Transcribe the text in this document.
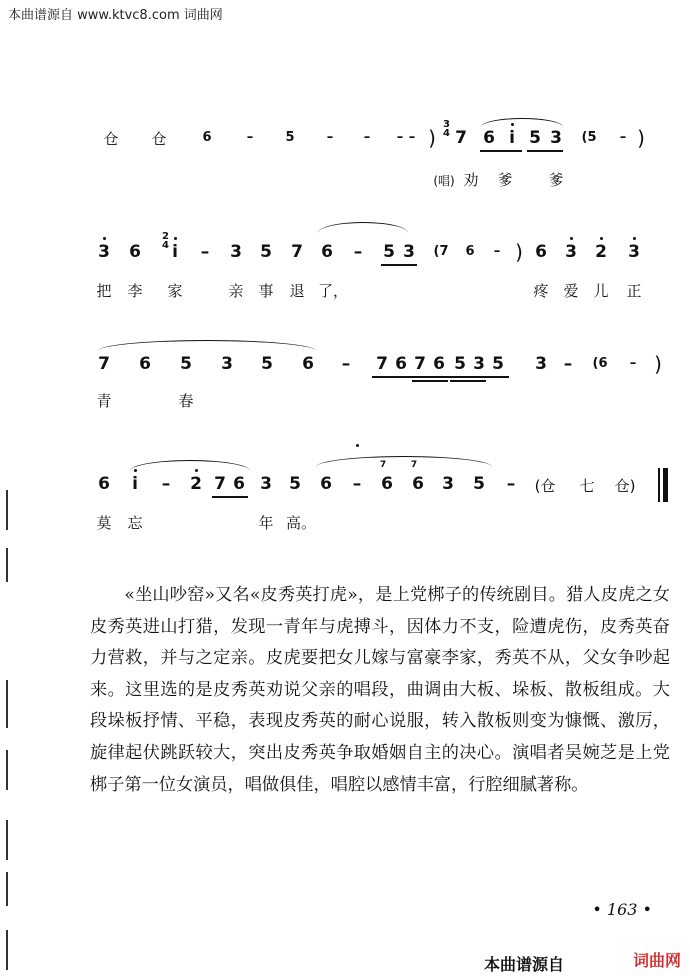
本曲谱源自 www.ktvc8.com 词曲网
仓 仓	6	– 5 – – – – )
3
4 7 6 i 5 3 (5 – )
(唱) 劝 爹 爹
3 6
2
4 i – 3 5 7 6 – 5 3 (7 6 – ) 6 3 2 3
把 李 家	亲 事 退 了，	疼 爱 儿 正
7 6 5 3 5 6 – 7 6 7 6 5 3 5 3 – (6 – )
青	春
6 i – 2 7 6 3 5 6 – 6 6 3 5 – (仓 七 仓)
7	7
莫 忘	年 高。

«坐山吵窑»又名«皮秀英打虎»，是上党梆子的传统剧目。猎人皮虎之女皮秀英进山打猎，发现一青年与虎搏斗，因体力不支，险遭虎伤，皮秀英奋力营救，并与之定亲。皮虎要把女儿嫁与富豪李家，秀英不从，父女争吵起来。这里选的是皮秀英劝说父亲的唱段，曲调由大板、垛板、散板组成。大段垛板抒情、平稳，表现皮秀英的耐心说服，转入散板则变为慷慨、激厉，旋律起伏跳跃较大，突出皮秀英争取婚姻自主的决心。演唱者吴婉芝是上党梆子第一位女演员，唱做俱佳，唱腔以感情丰富，行腔细腻著称。

• 163 •
本曲谱源自	词曲网
